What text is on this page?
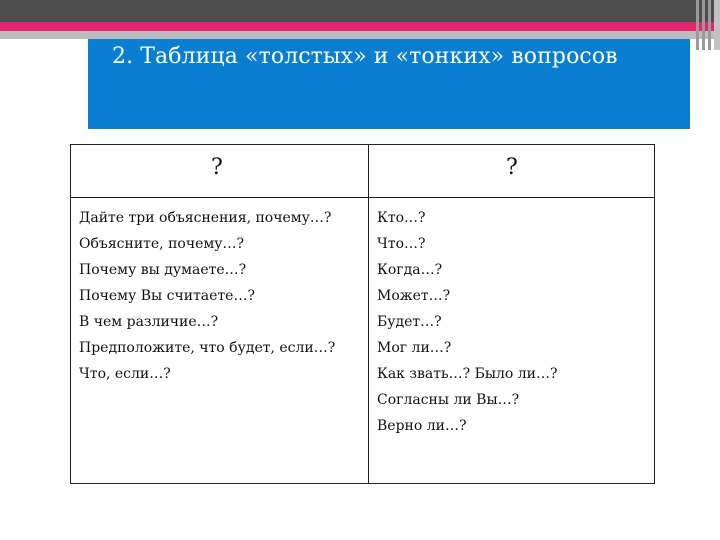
2. Таблица «толстых» и «тонких» вопросов
?	?
Дайте три объяснения, почему…?
Объясните, почему…?
Почему вы думаете…?
Почему Вы считаете…?
В чем различие…?
Предположите, что будет, если…?
Что, если…?
Кто…?
Что…?
Когда…?
Может…?
Будет…?
Мог ли…?
Как звать…? Было ли…?
Согласны ли Вы…?
Верно ли…?
